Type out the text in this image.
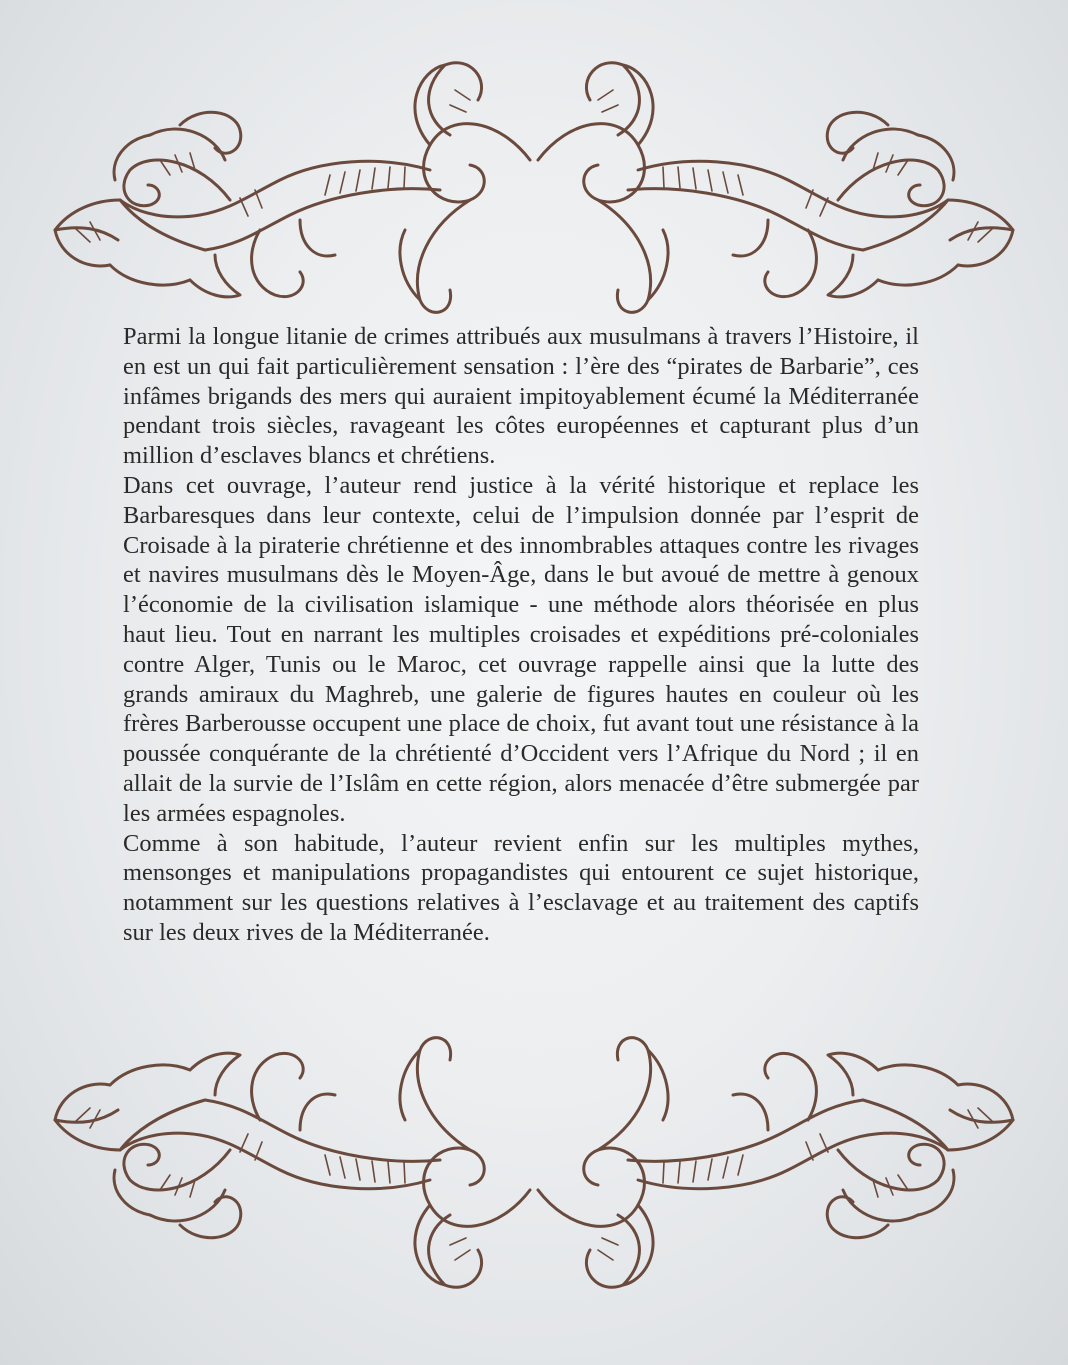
Parmi la longue litanie de crimes attribués aux musulmans à travers l’Histoire, il en est un qui fait particulièrement sensation : l’ère des “pirates de Barbarie”, ces infâmes brigands des mers qui auraient impitoyablement écumé la Méditerranée pendant trois siècles, ravageant les côtes européennes et capturant plus d’un million d’esclaves blancs et chrétiens.

Dans cet ouvrage, l’auteur rend justice à la vérité historique et replace les Barbaresques dans leur contexte, celui de l’impulsion donnée par l’esprit de Croisade à la piraterie chrétienne et des innombrables attaques contre les rivages et navires musulmans dès le Moyen-Âge, dans le but avoué de mettre à genoux l’économie de la civilisation islamique - une méthode alors théorisée en plus haut lieu. Tout en narrant les multiples croisades et expéditions pré-coloniales contre Alger, Tunis ou le Maroc, cet ouvrage rappelle ainsi que la lutte des grands amiraux du Maghreb, une galerie de figures hautes en couleur où les frères Barberousse occupent une place de choix, fut avant tout une résistance à la poussée conquérante de la chrétienté d’Occident vers l’Afrique du Nord ; il en allait de la survie de l’Islâm en cette région, alors menacée d’être submergée par les armées espagnoles.

Comme à son habitude, l’auteur revient enfin sur les multiples mythes, mensonges et manipulations propagandistes qui entourent ce sujet historique, notamment sur les questions relatives à l’esclavage et au traitement des captifs sur les deux rives de la Méditerranée.
